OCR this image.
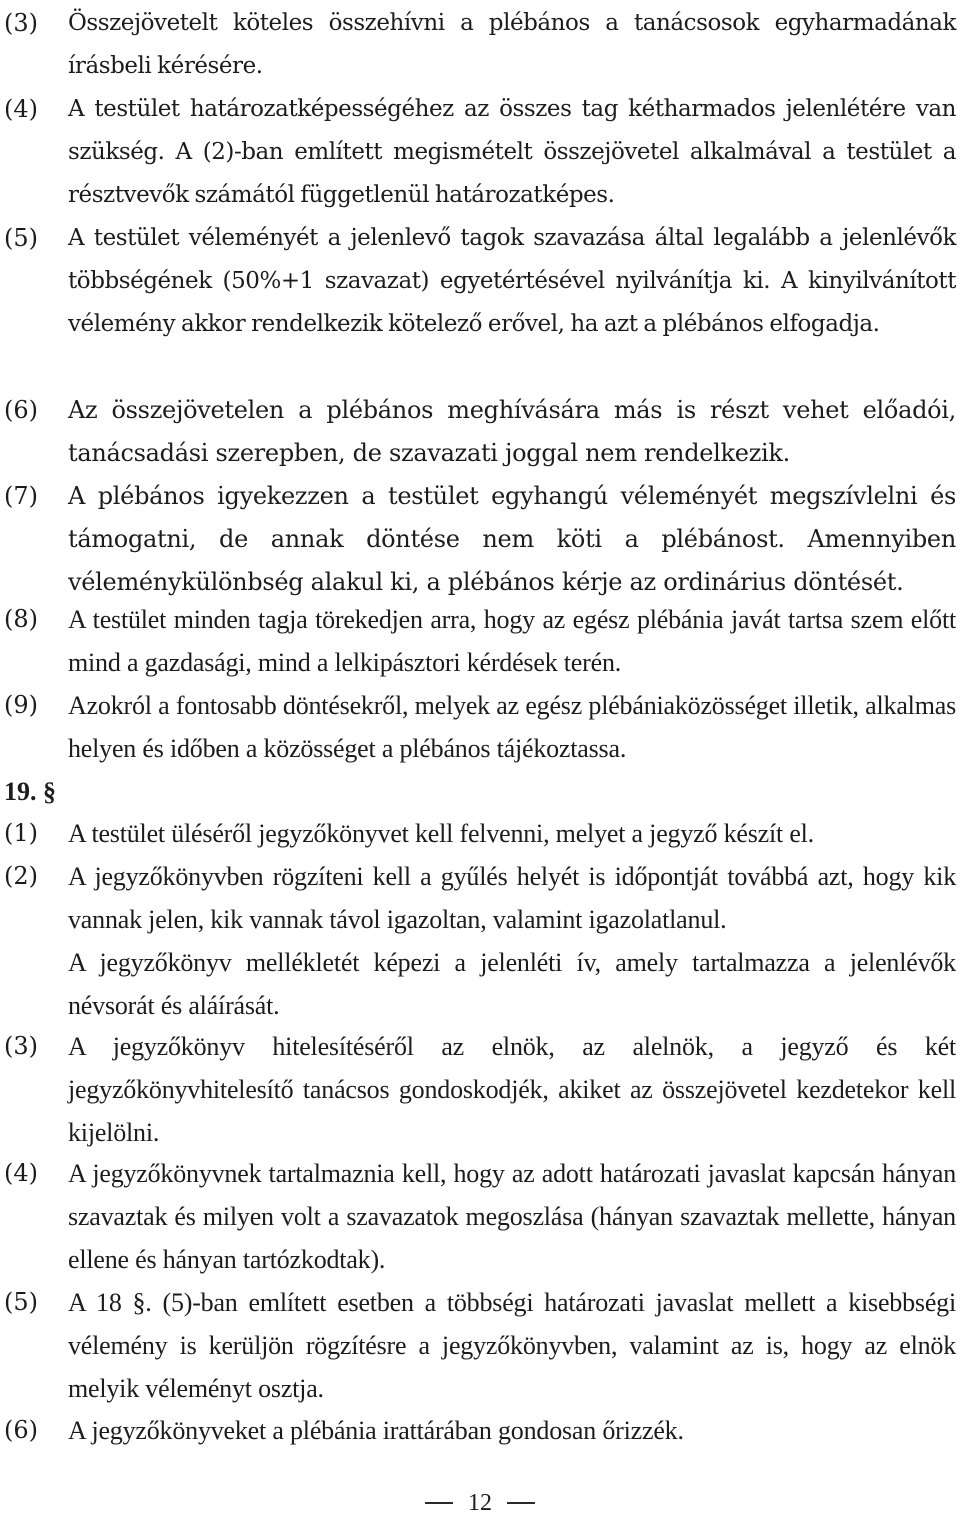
(3) Összejövetelt köteles összehívni a plébános a tanácsosok egyharmadának írásbeli kérésére.
(4) A testület határozatképességéhez az összes tag kétharmados jelenlétére van szükség. A (2)-ban említett megismételt összejövetel alkalmával a testület a résztvevők számától függetlenül határozatképes.
(5) A testület véleményét a jelenlevő tagok szavazása által legalább a jelenlévők többségének (50%+1 szavazat) egyetértésével nyilvánítja ki. A kinyilvánított vélemény akkor rendelkezik kötelező erővel, ha azt a plébános elfogadja.
(6) Az összejövetelen a plébános meghívására más is részt vehet előadói, tanácsadási szerepben, de szavazati joggal nem rendelkezik.
(7) A plébános igyekezzen a testület egyhangú véleményét megszívlelni és támogatni, de annak döntése nem köti a plébánost. Amennyiben véleménykülönbség alakul ki, a plébános kérje az ordinárius döntését.
(8) A testület minden tagja törekedjen arra, hogy az egész plébánia javát tartsa szem előtt mind a gazdasági, mind a lelkipásztori kérdések terén.
(9) Azokról a fontosabb döntésekről, melyek az egész plébániaközösséget illetik, alkalmas helyen és időben a közösséget a plébános tájékoztassa.
19. §
(1) A testület üléséről jegyzőkönyvet kell felvenni, melyet a jegyző készít el.
(2) A jegyzőkönyvben rögzíteni kell a gyűlés helyét is időpontját továbbá azt, hogy kik vannak jelen, kik vannak távol igazoltan, valamint igazolatlanul.
A jegyzőkönyv mellékletét képezi a jelenléti ív, amely tartalmazza a jelenlévők névsorát és aláírását.
(3) A jegyzőkönyv hitelesítéséről az elnök, az alelnök, a jegyző és két jegyzőkönyvhitelesítő tanácsos gondoskodjék, akiket az összejövetel kezdetekor kell kijelölni.
(4) A jegyzőkönyvnek tartalmaznia kell, hogy az adott határozati javaslat kapcsán hányan szavaztak és milyen volt a szavazatok megoszlása (hányan szavaztak mellette, hányan ellene és hányan tartózkodtak).
(5) A 18 §. (5)-ban említett esetben a többségi határozati javaslat mellett a kisebbségi vélemény is kerüljön rögzítésre a jegyzőkönyvben, valamint az is, hogy az elnök melyik véleményt osztja.
(6) A jegyzőkönyveket a plébánia irattárában gondosan őrizzék.
12
